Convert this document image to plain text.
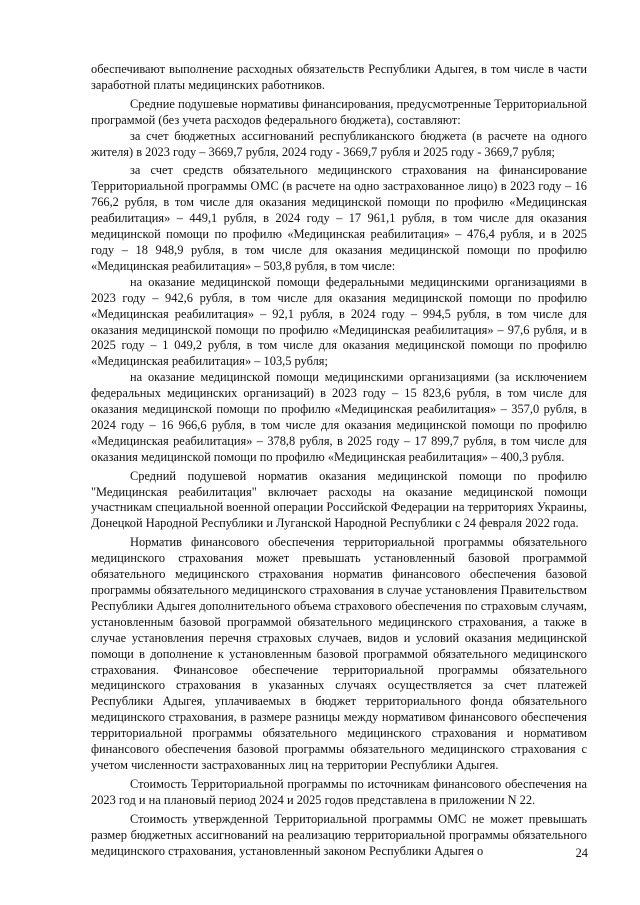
обеспечивают выполнение расходных обязательств Республики Адыгея, в том числе в части заработной платы медицинских работников.

Средние подушевые нормативы финансирования, предусмотренные Территориальной программой (без учета расходов федерального бюджета), составляют:

за счет бюджетных ассигнований республиканского бюджета (в расчете на одного жителя) в 2023 году – 3669,7 рубля, 2024 году - 3669,7 рубля и 2025 году - 3669,7 рубля;

за счет средств обязательного медицинского страхования на финансирование Территориальной программы ОМС (в расчете на одно застрахованное лицо) в 2023 году – 16 766,2 рубля, в том числе для оказания медицинской помощи по профилю «Медицинская реабилитация» – 449,1 рубля, в 2024 году – 17 961,1 рубля, в том числе для оказания медицинской помощи по профилю «Медицинская реабилитация» – 476,4 рубля, и в 2025 году – 18 948,9 рубля, в том числе для оказания медицинской помощи по профилю «Медицинская реабилитация» – 503,8 рубля, в том числе:

на оказание медицинской помощи федеральными медицинскими организациями в 2023 году – 942,6 рубля, в том числе для оказания медицинской помощи по профилю «Медицинская реабилитация» – 92,1 рубля, в 2024 году – 994,5 рубля, в том числе для оказания медицинской помощи по профилю «Медицинская реабилитация» – 97,6 рубля, и в 2025 году – 1 049,2 рубля, в том числе для оказания медицинской помощи по профилю «Медицинская реабилитация» – 103,5 рубля;

на оказание медицинской помощи медицинскими организациями (за исключением федеральных медицинских организаций) в 2023 году – 15 823,6 рубля, в том числе для оказания медицинской помощи по профилю «Медицинская реабилитация» – 357,0 рубля, в 2024 году – 16 966,6 рубля, в том числе для оказания медицинской помощи по профилю «Медицинская реабилитация» – 378,8 рубля, в 2025 году – 17 899,7 рубля, в том числе для оказания медицинской помощи по профилю «Медицинская реабилитация» – 400,3 рубля.

Средний подушевой норматив оказания медицинской помощи по профилю "Медицинская реабилитация" включает расходы на оказание медицинской помощи участникам специальной военной операции Российской Федерации на территориях Украины, Донецкой Народной Республики и Луганской Народной Республики с 24 февраля 2022 года.

Норматив финансового обеспечения территориальной программы обязательного медицинского страхования может превышать установленный базовой программой обязательного медицинского страхования норматив финансового обеспечения базовой программы обязательного медицинского страхования в случае установления Правительством Республики Адыгея дополнительного объема страхового обеспечения по страховым случаям, установленным базовой программой обязательного медицинского страхования, а также в случае установления перечня страховых случаев, видов и условий оказания медицинской помощи в дополнение к установленным базовой программой обязательного медицинского страхования. Финансовое обеспечение территориальной программы обязательного медицинского страхования в указанных случаях осуществляется за счет платежей Республики Адыгея, уплачиваемых в бюджет территориального фонда обязательного медицинского страхования, в размере разницы между нормативом финансового обеспечения территориальной программы обязательного медицинского страхования и нормативом финансового обеспечения базовой программы обязательного медицинского страхования с учетом численности застрахованных лиц на территории Республики Адыгея.

Стоимость Территориальной программы по источникам финансового обеспечения на 2023 год и на плановый период 2024 и 2025 годов представлена в приложении N 22.

Стоимость утвержденной Территориальной программы ОМС не может превышать размер бюджетных ассигнований на реализацию территориальной программы обязательного медицинского страхования, установленный законом Республики Адыгея о	24
